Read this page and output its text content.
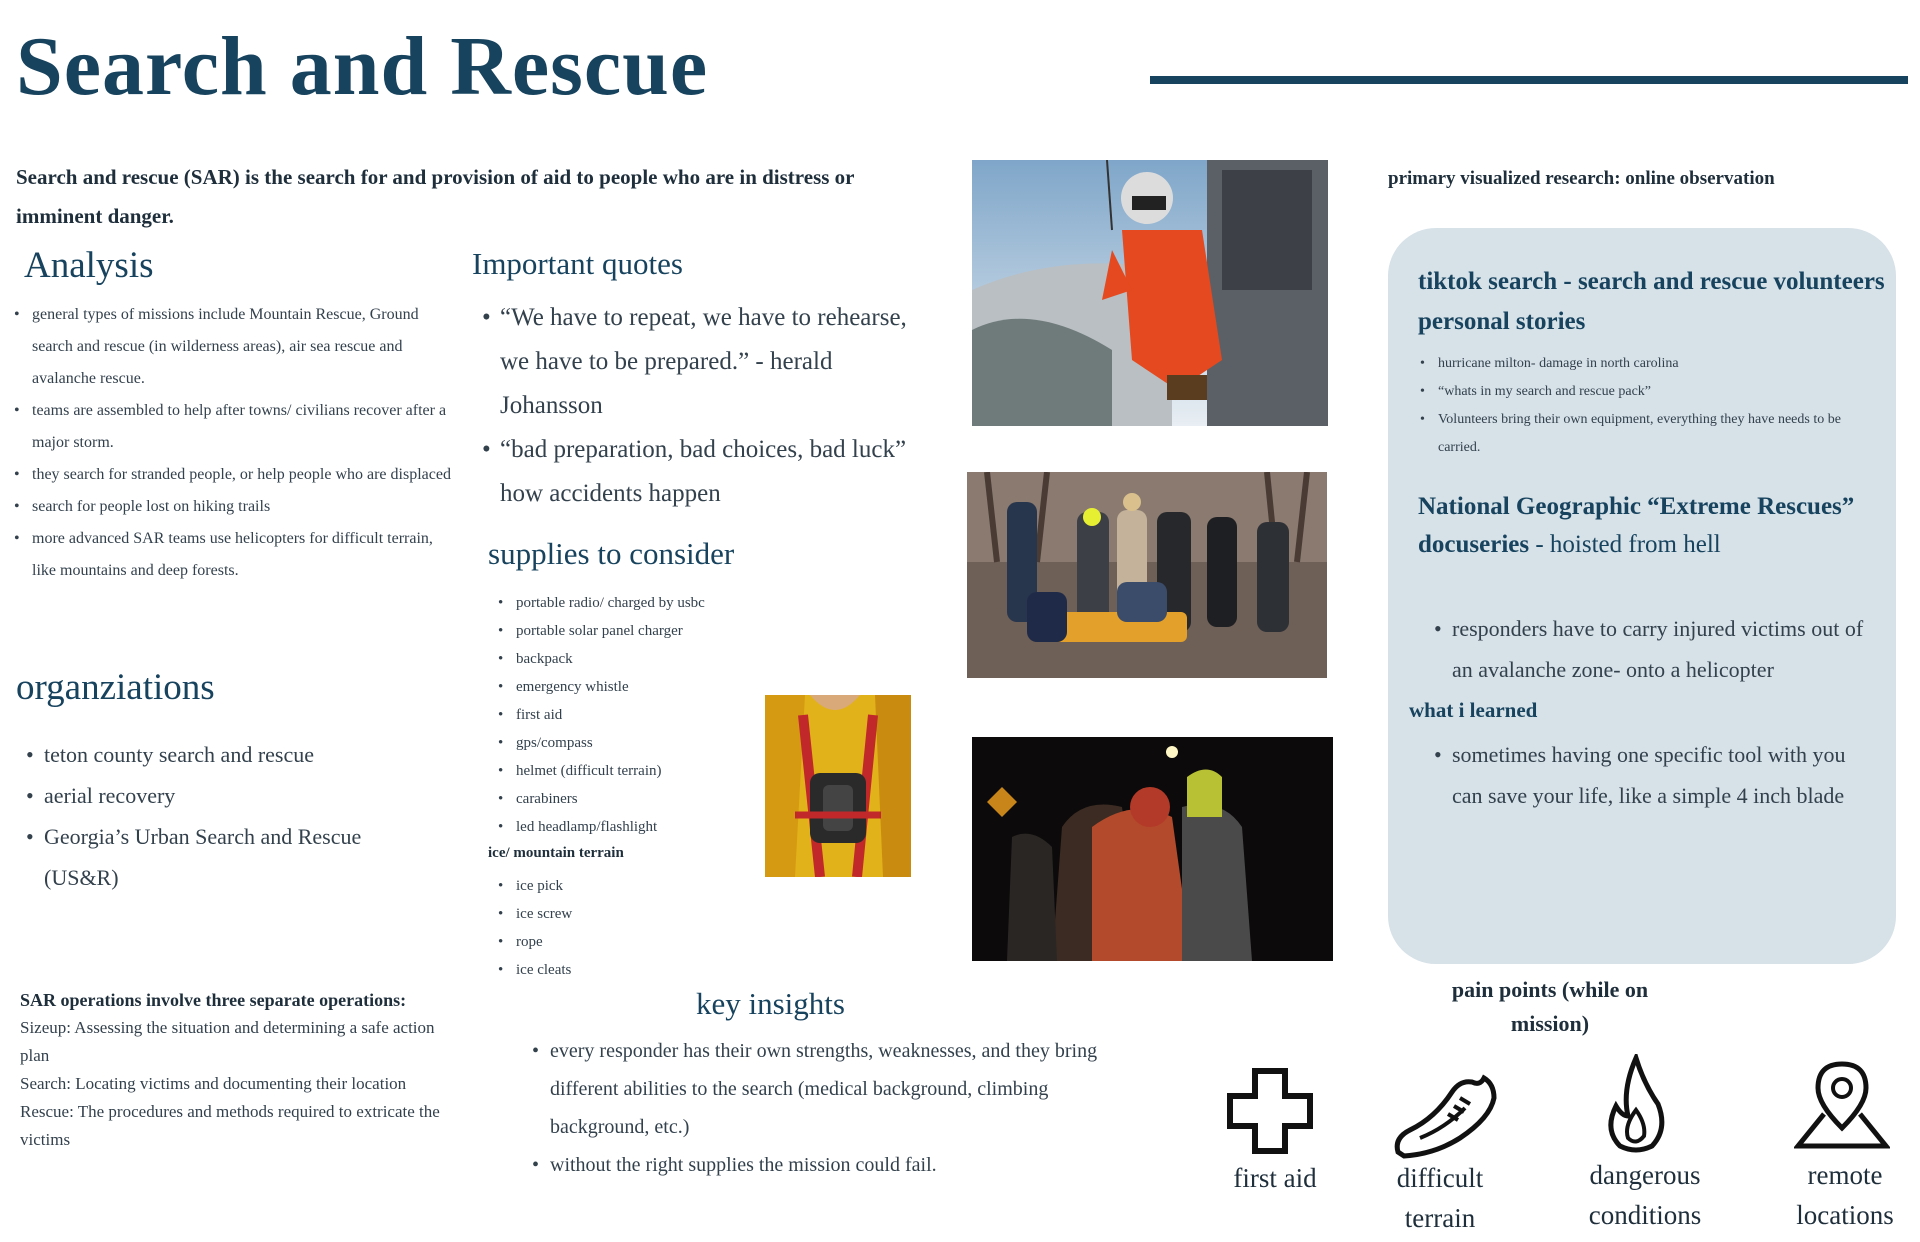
Search and Rescue
Search and rescue (SAR) is the search for and provision of aid to people who are in distress or imminent danger.
Analysis
• general types of missions include Mountain Rescue, Ground search and rescue (in wilderness areas), air sea rescue and avalanche rescue.
• teams are assembled to help after towns/ civilians recover after a major storm.
• they search for stranded people, or help people who are displaced
• search for people lost on hiking trails
• more advanced SAR teams use helicopters for difficult terrain, like mountains and deep forests.
organziations
• teton county search and rescue
• aerial recovery
• Georgia’s Urban Search and Rescue (US&R)
SAR operations involve three separate operations:
Sizeup: Assessing the situation and determining a safe action plan
Search: Locating victims and documenting their location
Rescue: The procedures and methods required to extricate the victims
Important quotes
• “We have to repeat, we have to rehearse, we have to be prepared.” - herald Johansson
• “bad preparation, bad choices, bad luck” how accidents happen
supplies to consider
• portable radio/ charged by usbc
• portable solar panel charger
• backpack
• emergency whistle
• first aid
• gps/compass
• helmet (difficult terrain)
• carabiners
• led headlamp/flashlight
ice/ mountain terrain
• ice pick
• ice screw
• rope
• ice cleats
key insights
• every responder has their own strengths, weaknesses, and they bring different abilities to the search (medical background, climbing background, etc.)
• without the right supplies the mission could fail.
primary visualized research: online observation
tiktok search - search and rescue volunteers personal stories
• hurricane milton- damage in north carolina
• “whats in my search and rescue pack”
• Volunteers bring their own equipment, everything they have needs to be carried.
National Geographic “Extreme Rescues” docuseries - hoisted from hell
• responders have to carry injured victims out of an avalanche zone- onto a helicopter
what i learned
• sometimes having one specific tool with you can save your life, like a simple 4 inch blade
pain points (while on mission)
first aid	difficult terrain
dangerous conditions
remote locations
